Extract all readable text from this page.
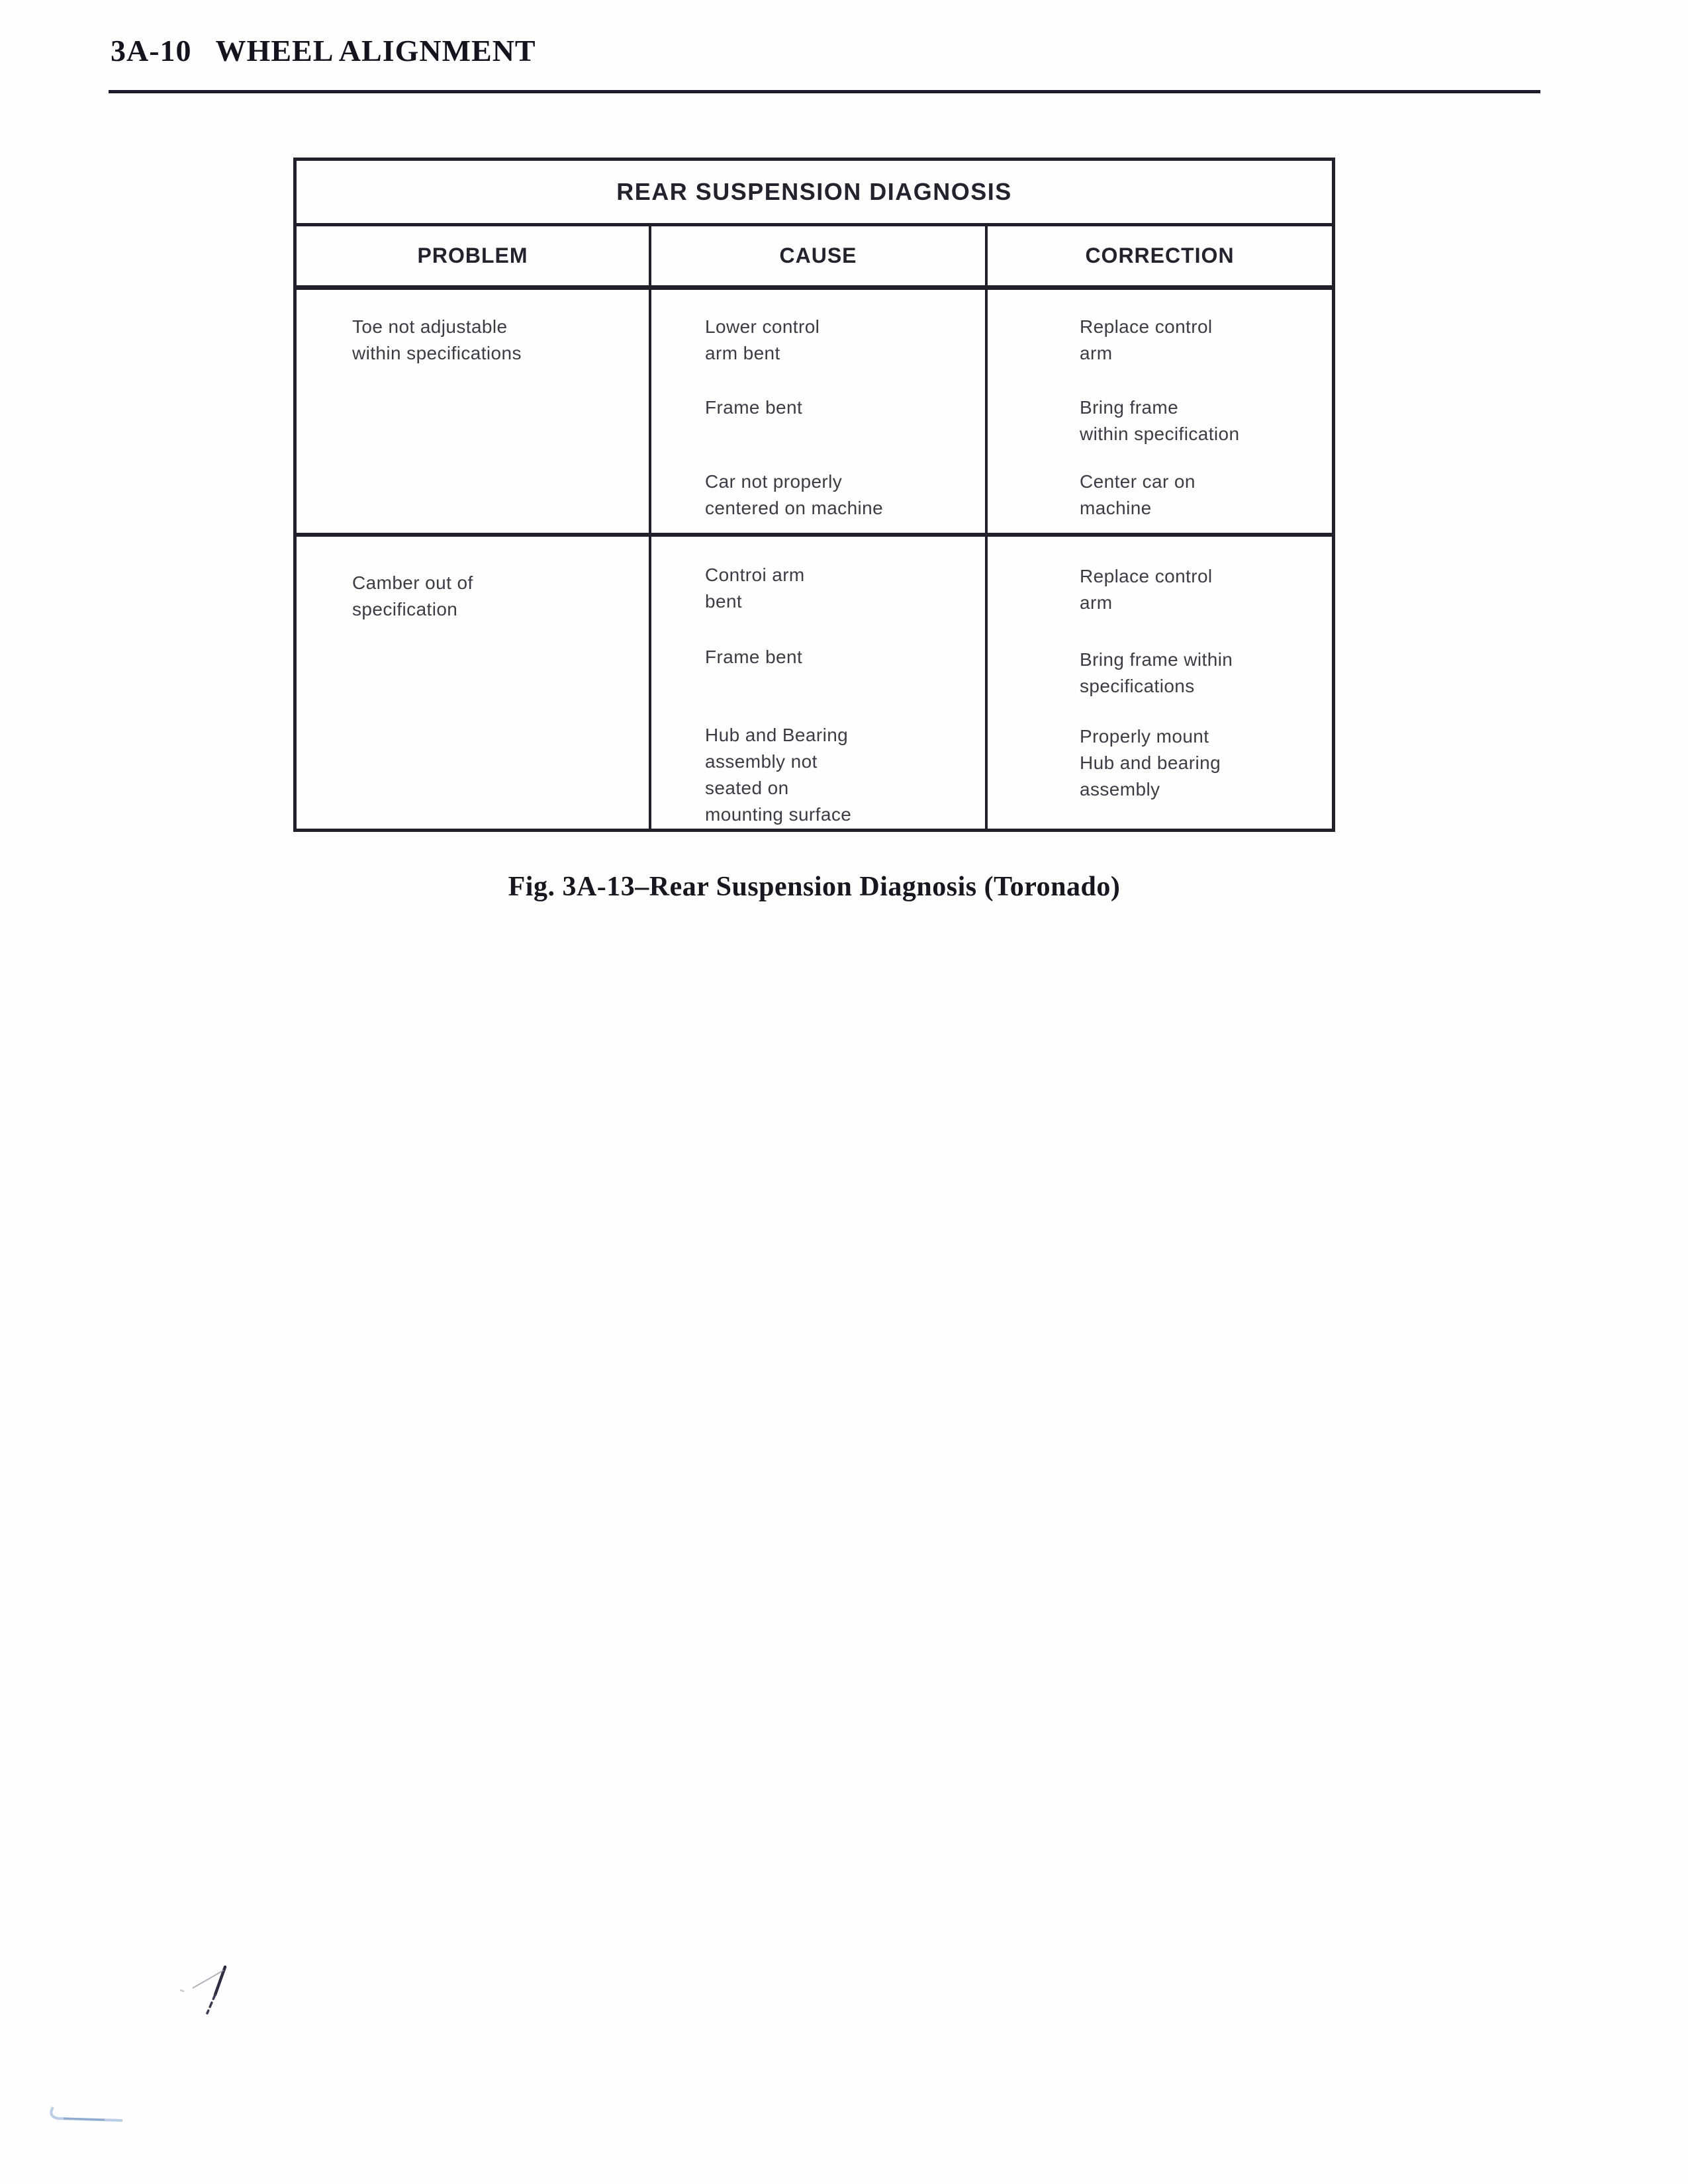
3A-10 WHEEL ALIGNMENT
REAR SUSPENSION DIAGNOSIS
PROBLEM	CAUSE	CORRECTION
Toe not adjustable
within specifications
Lower control
arm bent
Frame bent
Car not properly
centered on machine
Replace control
arm
Bring frame
within specification
Center car on
machine
Camber out of
specification
Controi arm
bent
Frame bent
Hub and Bearing
assembly not
seated on
mounting surface
Replace control
arm
Bring frame within
specifications
Properly mount
Hub and bearing
assembly
Fig. 3A-13–Rear Suspension Diagnosis (Toronado)
